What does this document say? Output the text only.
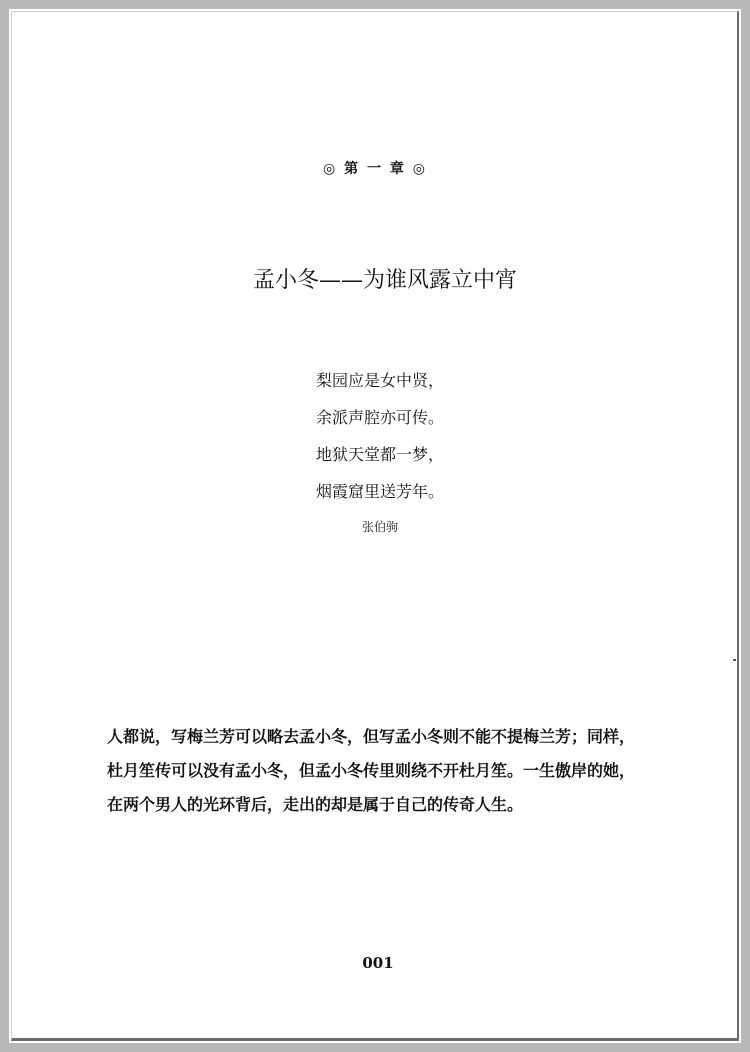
◎ 第 一 章 ◎
孟小冬——为谁风露立中宵
梨园应是女中贤，
余派声腔亦可传。
地狱天堂都一梦，
烟霞窟里送芳年。
张伯驹
人都说，写梅兰芳可以略去孟小冬，但写孟小冬则不能不提梅兰芳；同样，
杜月笙传可以没有孟小冬，但孟小冬传里则绕不开杜月笙。一生傲岸的她，
在两个男人的光环背后，走出的却是属于自己的传奇人生。
001
